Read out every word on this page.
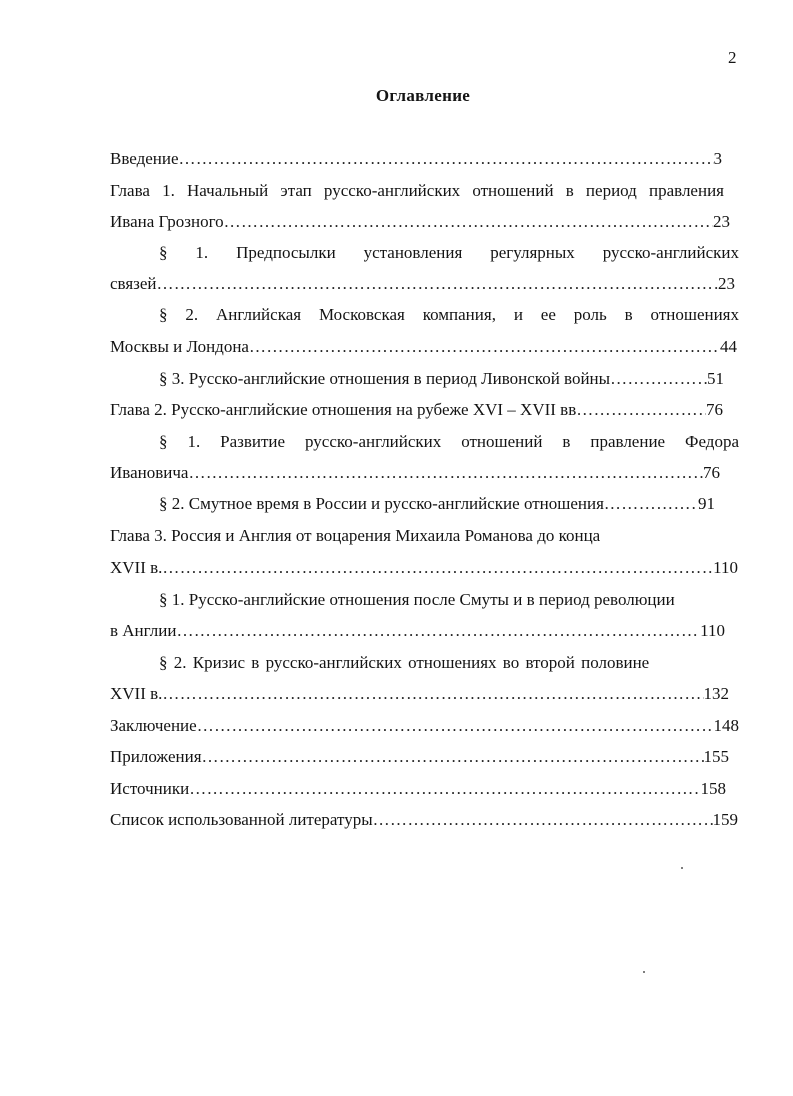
2
Оглавление
Введение ……………………………………………………………………………………………………………………………………………………………………………………	3
Глава 1. Начальный этап русско-английских отношений в период правления
Ивана Грозного ……………………………………………………………………………………………………………………………………………………………………………………	23
§ 1. Предпосылки установления регулярных русско-английских
связей ……………………………………………………………………………………………………………………………………………………………………………………	23
§ 2. Английская Московская компания, и ее роль в отношениях
Москвы и Лондона ……………………………………………………………………………………………………………………………………………………………………………………	44
§ 3. Русско-английские отношения в период Ливонской войны ……………………………………………………………………………………………………………………………………………………………………………………	51
Глава 2. Русско-английские отношения на рубеже XVI – XVII вв ……………………………………………………………………………………………………………………………………………………………………………………	76
§ 1. Развитие русско-английских отношений в правление Федора
Ивановича ……………………………………………………………………………………………………………………………………………………………………………………	76
§ 2. Смутное время в России и русско-английские отношения ……………………………………………………………………………………………………………………………………………………………………………………	91
Глава 3. Россия и Англия от воцарения Михаила Романова до конца
XVII в. ……………………………………………………………………………………………………………………………………………………………………………………	110
§ 1. Русско-английские отношения после Смуты и в период революции
в Англии ……………………………………………………………………………………………………………………………………………………………………………………	110
§ 2. Кризис в русско-английских отношениях во второй половине
XVII в. ……………………………………………………………………………………………………………………………………………………………………………………	132
Заключение ……………………………………………………………………………………………………………………………………………………………………………………	148
Приложения ……………………………………………………………………………………………………………………………………………………………………………………	155
Источники ……………………………………………………………………………………………………………………………………………………………………………………	158
Список использованной литературы ……………………………………………………………………………………………………………………………………………………………………………………	159
